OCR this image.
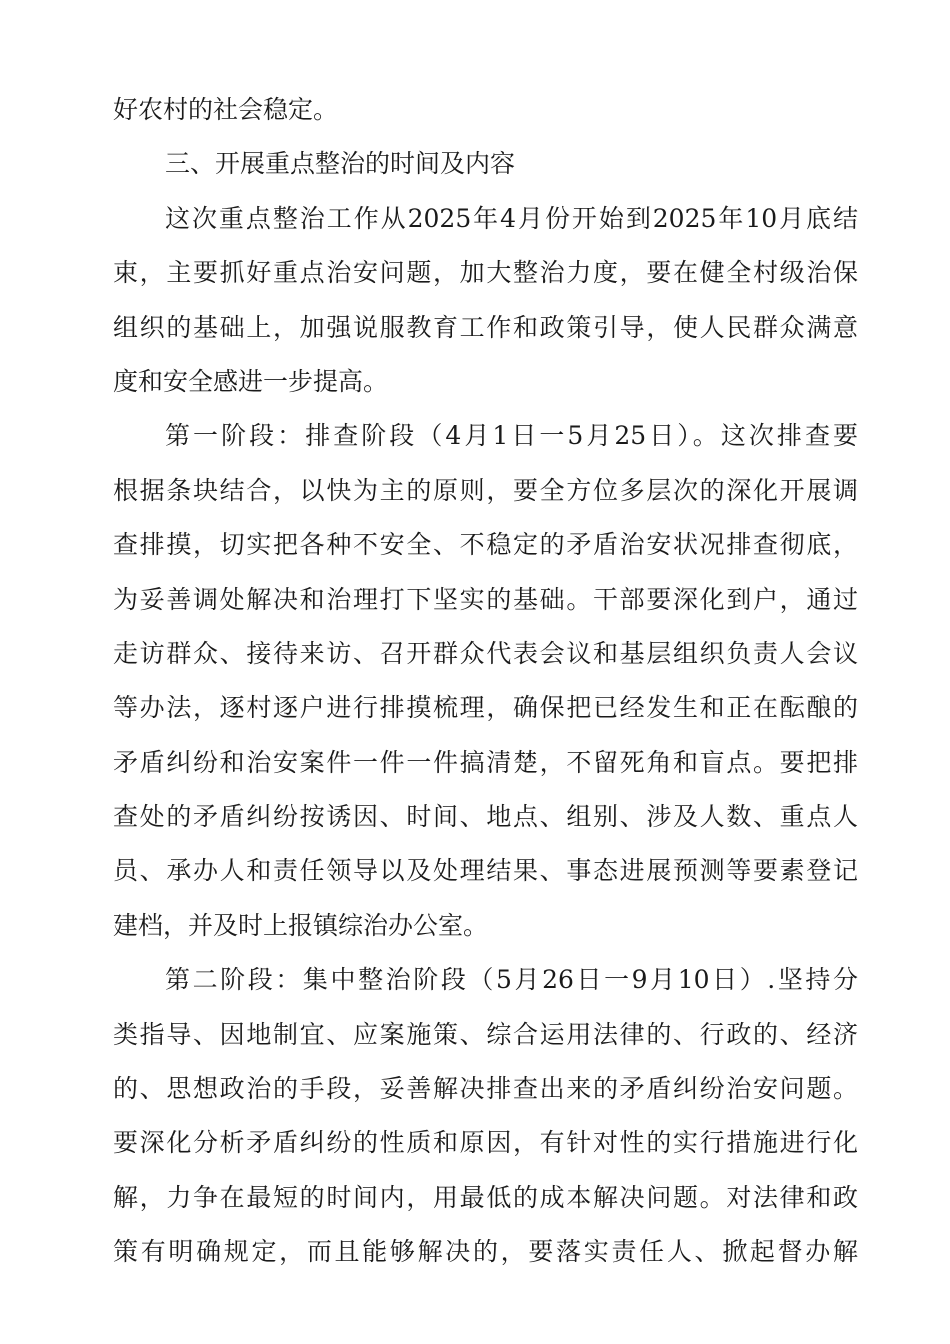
好农村的社会稳定。
三、开展重点整治的时间及内容
这次重点整治工作从2025年4月份开始到2025年10月底结
束，主要抓好重点治安问题，加大整治力度，要在健全村级治保
组织的基础上，加强说服教育工作和政策引导，使人民群众满意
度和安全感进一步提高。
第一阶段：排查阶段（4月1日一5月25日）。这次排查要
根据条块结合，以快为主的原则，要全方位多层次的深化开展调
查排摸，切实把各种不安全、不稳定的矛盾治安状况排查彻底，
为妥善调处解决和治理打下坚实的基础。干部要深化到户，通过
走访群众、接待来访、召开群众代表会议和基层组织负责人会议
等办法，逐村逐户进行排摸梳理，确保把已经发生和正在酝酿的
矛盾纠纷和治安案件一件一件搞清楚，不留死角和盲点。要把排
查处的矛盾纠纷按诱因、时间、地点、组别、涉及人数、重点人
员、承办人和责任领导以及处理结果、事态进展预测等要素登记
建档，并及时上报镇综治办公室。
第二阶段：集中整治阶段（5月26日一9月10日）.坚持分
类指导、因地制宜、应案施策、综合运用法律的、行政的、经济
的、思想政治的手段，妥善解决排查出来的矛盾纠纷治安问题。
要深化分析矛盾纠纷的性质和原因，有针对性的实行措施进行化
解，力争在最短的时间内，用最低的成本解决问题。对法律和政
策有明确规定，而且能够解决的，要落实责任人、掀起督办解
